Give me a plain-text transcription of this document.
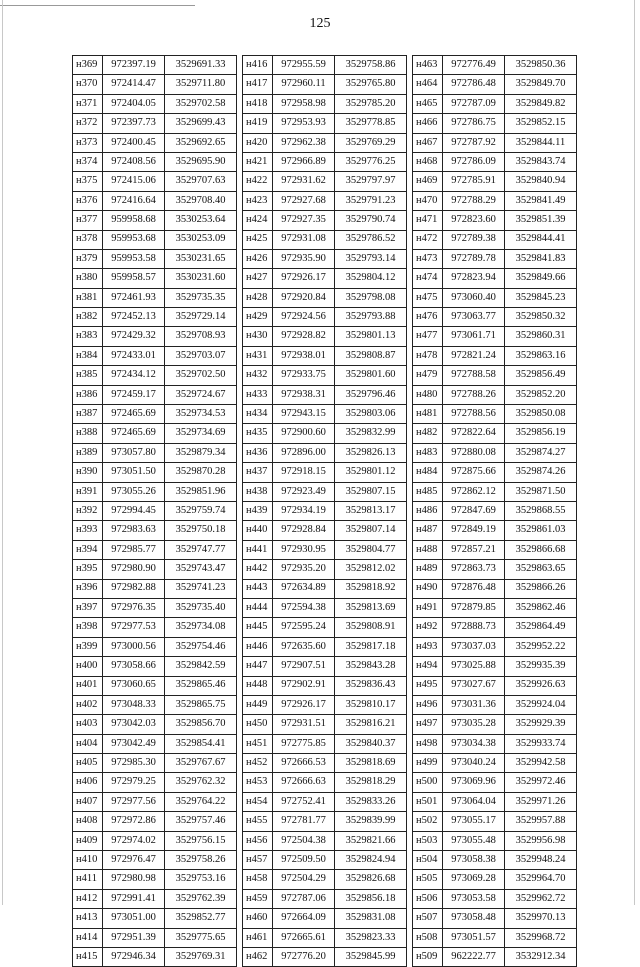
125
н369	972397.19	3529691.33
н370	972414.47	3529711.80
н371	972404.05	3529702.58
н372	972397.73	3529699.43
н373	972400.45	3529692.65
н374	972408.56	3529695.90
н375	972415.06	3529707.63
н376	972416.64	3529708.40
н377	959958.68	3530253.64
н378	959953.68	3530253.09
н379	959953.58	3530231.65
н380	959958.57	3530231.60
н381	972461.93	3529735.35
н382	972452.13	3529729.14
н383	972429.32	3529708.93
н384	972433.01	3529703.07
н385	972434.12	3529702.50
н386	972459.17	3529724.67
н387	972465.69	3529734.53
н388	972465.69	3529734.69
н389	973057.80	3529879.34
н390	973051.50	3529870.28
н391	973055.26	3529851.96
н392	972994.45	3529759.74
н393	972983.63	3529750.18
н394	972985.77	3529747.77
н395	972980.90	3529743.47
н396	972982.88	3529741.23
н397	972976.35	3529735.40
н398	972977.53	3529734.08
н399	973000.56	3529754.46
н400	973058.66	3529842.59
н401	973060.65	3529865.46
н402	973048.33	3529865.75
н403	973042.03	3529856.70
н404	973042.49	3529854.41
н405	972985.30	3529767.67
н406	972979.25	3529762.32
н407	972977.56	3529764.22
н408	972972.86	3529757.46
н409	972974.02	3529756.15
н410	972976.47	3529758.26
н411	972980.98	3529753.16
н412	972991.41	3529762.39
н413	973051.00	3529852.77
н414	972951.39	3529775.65
н415	972946.34	3529769.31
н416	972955.59	3529758.86
н417	972960.11	3529765.80
н418	972958.98	3529785.20
н419	972953.93	3529778.85
н420	972962.38	3529769.29
н421	972966.89	3529776.25
н422	972931.62	3529797.97
н423	972927.68	3529791.23
н424	972927.35	3529790.74
н425	972931.08	3529786.52
н426	972935.90	3529793.14
н427	972926.17	3529804.12
н428	972920.84	3529798.08
н429	972924.56	3529793.88
н430	972928.82	3529801.13
н431	972938.01	3529808.87
н432	972933.75	3529801.60
н433	972938.31	3529796.46
н434	972943.15	3529803.06
н435	972900.60	3529832.99
н436	972896.00	3529826.13
н437	972918.15	3529801.12
н438	972923.49	3529807.15
н439	972934.19	3529813.17
н440	972928.84	3529807.14
н441	972930.95	3529804.77
н442	972935.20	3529812.02
н443	972634.89	3529818.92
н444	972594.38	3529813.69
н445	972595.24	3529808.91
н446	972635.60	3529817.18
н447	972907.51	3529843.28
н448	972902.91	3529836.43
н449	972926.17	3529810.17
н450	972931.51	3529816.21
н451	972775.85	3529840.37
н452	972666.53	3529818.69
н453	972666.63	3529818.29
н454	972752.41	3529833.26
н455	972781.77	3529839.99
н456	972504.38	3529821.66
н457	972509.50	3529824.94
н458	972504.29	3529826.68
н459	972787.06	3529856.18
н460	972664.09	3529831.08
н461	972665.61	3529823.33
н462	972776.20	3529845.99
н463	972776.49	3529850.36
н464	972786.48	3529849.70
н465	972787.09	3529849.82
н466	972786.75	3529852.15
н467	972787.92	3529844.11
н468	972786.09	3529843.74
н469	972785.91	3529840.94
н470	972788.29	3529841.49
н471	972823.60	3529851.39
н472	972789.38	3529844.41
н473	972789.78	3529841.83
н474	972823.94	3529849.66
н475	973060.40	3529845.23
н476	973063.77	3529850.32
н477	973061.71	3529860.31
н478	972821.24	3529863.16
н479	972788.58	3529856.49
н480	972788.26	3529852.20
н481	972788.56	3529850.08
н482	972822.64	3529856.19
н483	972880.08	3529874.27
н484	972875.66	3529874.26
н485	972862.12	3529871.50
н486	972847.69	3529868.55
н487	972849.19	3529861.03
н488	972857.21	3529866.68
н489	972863.73	3529863.65
н490	972876.48	3529866.26
н491	972879.85	3529862.46
н492	972888.73	3529864.49
н493	973037.03	3529952.22
н494	973025.88	3529935.39
н495	973027.67	3529926.63
н496	973031.36	3529924.04
н497	973035.28	3529929.39
н498	973034.38	3529933.74
н499	973040.24	3529942.58
н500	973069.96	3529972.46
н501	973064.04	3529971.26
н502	973055.17	3529957.88
н503	973055.48	3529956.98
н504	973058.38	3529948.24
н505	973069.28	3529964.70
н506	973053.58	3529962.72
н507	973058.48	3529970.13
н508	973051.57	3529968.72
н509	962222.77	3532912.34
